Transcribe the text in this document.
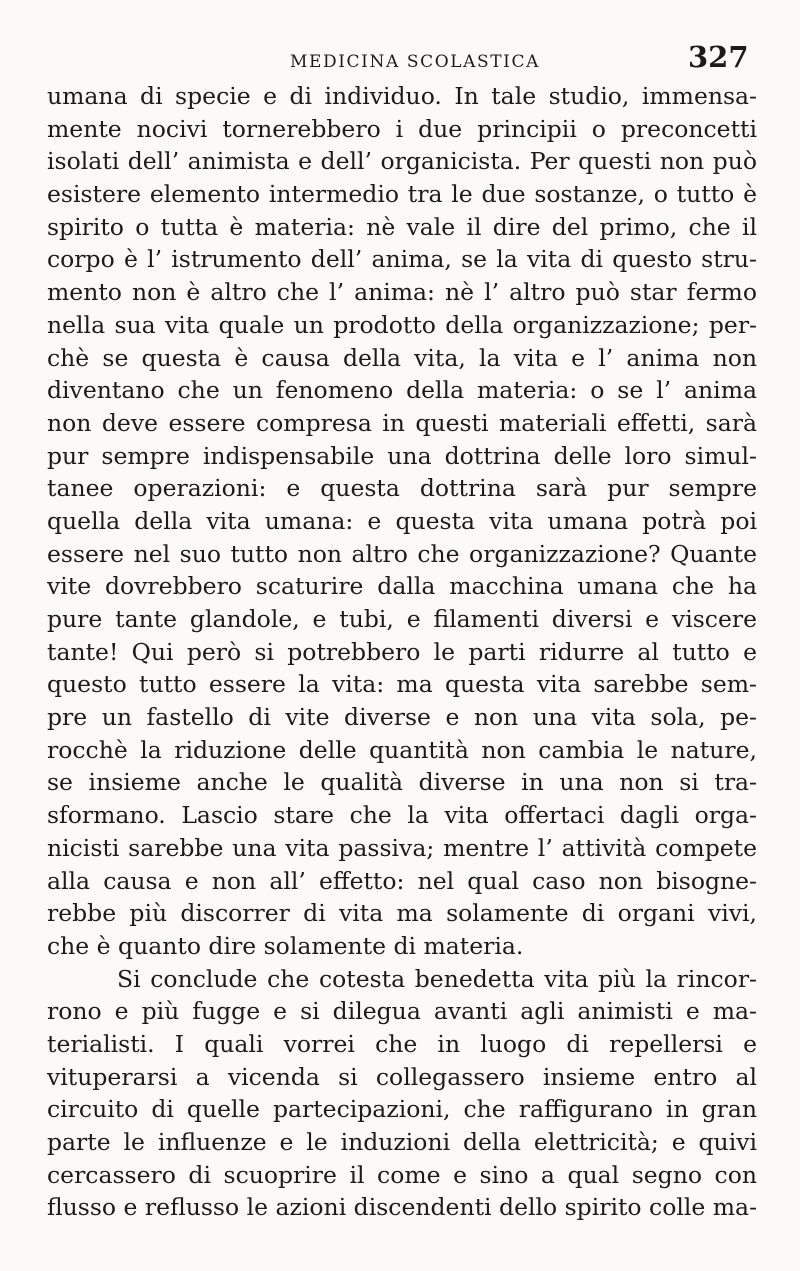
MEDICINA SCOLASTICA	327
umana di specie e di individuo. In tale studio, immensa-
mente nocivi tornerebbero i due principii o preconcetti
isolati dell’ animista e dell’ organicista. Per questi non può
esistere elemento intermedio tra le due sostanze, o tutto è
spirito o tutta è materia: nè vale il dire del primo, che il
corpo è l’ istrumento dell’ anima, se la vita di questo stru-
mento non è altro che l’ anima: nè l’ altro può star fermo
nella sua vita quale un prodotto della organizzazione; per-
chè se questa è causa della vita, la vita e l’ anima non
diventano che un fenomeno della materia: o se l’ anima
non deve essere compresa in questi materiali effetti, sarà
pur sempre indispensabile una dottrina delle loro simul-
tanee operazioni: e questa dottrina sarà pur sempre
quella della vita umana: e questa vita umana potrà poi
essere nel suo tutto non altro che organizzazione? Quante
vite dovrebbero scaturire dalla macchina umana che ha
pure tante glandole, e tubi, e filamenti diversi e viscere
tante! Qui però si potrebbero le parti ridurre al tutto e
questo tutto essere la vita: ma questa vita sarebbe sem-
pre un fastello di vite diverse e non una vita sola, pe-
rocchè la riduzione delle quantità non cambia le nature,
se insieme anche le qualità diverse in una non si tra-
sformano. Lascio stare che la vita offertaci dagli orga-
nicisti sarebbe una vita passiva; mentre l’ attività compete
alla causa e non all’ effetto: nel qual caso non bisogne-
rebbe più discorrer di vita ma solamente di organi vivi,
che è quanto dire solamente di materia.
Si conclude che cotesta benedetta vita più la rincor-
rono e più fugge e si dilegua avanti agli animisti e ma-
terialisti. I quali vorrei che in luogo di repellersi e
vituperarsi a vicenda si collegassero insieme entro al
circuito di quelle partecipazioni, che raffigurano in gran
parte le influenze e le induzioni della elettricità; e quivi
cercassero di scuoprire il come e sino a qual segno con
flusso e reflusso le azioni discendenti dello spirito colle ma-
